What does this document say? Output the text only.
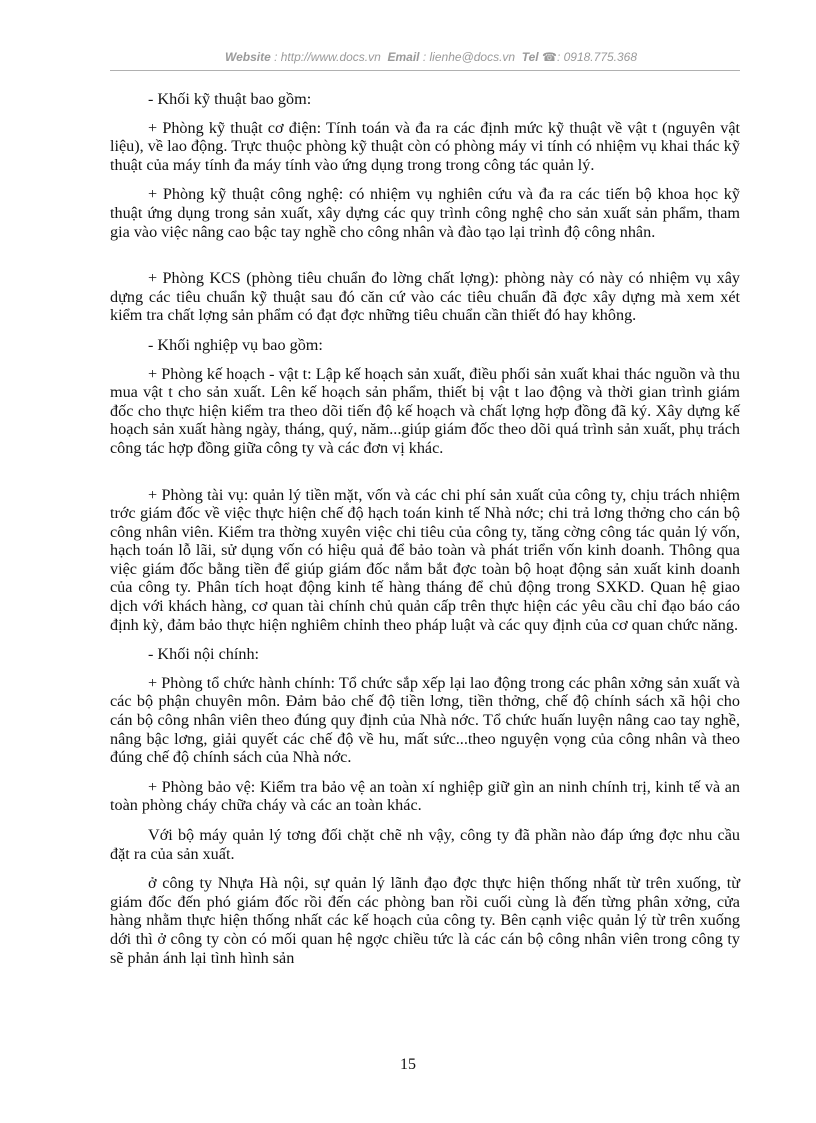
Website : http://www.docs.vn Email : lienhe@docs.vn Tel ☎: 0918.775.368

- Khối kỹ thuật bao gồm:

+ Phòng kỹ thuật cơ điện: Tính toán và đa ra các định mức kỹ thuật về vật t (nguyên vật liệu), về lao động. Trực thuộc phòng kỹ thuật còn có phòng máy vi tính có nhiệm vụ khai thác kỹ thuật của máy tính đa máy tính vào ứng dụng trong trong công tác quản lý.

+ Phòng kỹ thuật công nghệ: có nhiệm vụ nghiên cứu và đa ra các tiến bộ khoa học kỹ thuật ứng dụng trong sản xuất, xây dựng các quy trình công nghệ cho sản xuất sản phẩm, tham gia vào việc nâng cao bậc tay nghề cho công nhân và đào tạo lại trình độ công nhân.

+ Phòng KCS (phòng tiêu chuẩn đo lờng chất lợng): phòng này có này có nhiệm vụ xây dựng các tiêu chuẩn kỹ thuật sau đó căn cứ vào các tiêu chuẩn đã đợc xây dựng mà xem xét kiểm tra chất lợng sản phẩm có đạt đợc những tiêu chuẩn cần thiết đó hay không.

- Khối nghiệp vụ bao gồm:

+ Phòng kế hoạch - vật t: Lập kế hoạch sản xuất, điều phối sản xuất khai thác nguồn và thu mua vật t cho sản xuất. Lên kế hoạch sản phẩm, thiết bị vật t lao động và thời gian trình giám đốc cho thực hiện kiểm tra theo dõi tiến độ kế hoạch và chất lợng hợp đồng đã ký. Xây dựng kế hoạch sản xuất hàng ngày, tháng, quý, năm...giúp giám đốc theo dõi quá trình sản xuất, phụ trách công tác hợp đồng giữa công ty và các đơn vị khác.

+ Phòng tài vụ: quản lý tiền mặt, vốn và các chi phí sản xuất của công ty, chịu trách nhiệm trớc giám đốc về việc thực hiện chế độ hạch toán kinh tế Nhà nớc; chi trả lơng thởng cho cán bộ công nhân viên. Kiểm tra thờng xuyên việc chi tiêu của công ty, tăng cờng công tác quản lý vốn, hạch toán lỗ lãi, sử dụng vốn có hiệu quả để bảo toàn và phát triển vốn kinh doanh. Thông qua việc giám đốc bằng tiền để giúp giám đốc nắm bắt đợc toàn bộ hoạt động sản xuất kinh doanh của công ty. Phân tích hoạt động kinh tế hàng tháng để chủ động trong SXKD. Quan hệ giao dịch với khách hàng, cơ quan tài chính chủ quản cấp trên thực hiện các yêu cầu chỉ đạo báo cáo định kỳ, đảm bảo thực hiện nghiêm chỉnh theo pháp luật và các quy định của cơ quan chức năng.

- Khối nội chính:

+ Phòng tổ chức hành chính: Tổ chức sắp xếp lại lao động trong các phân xởng sản xuất và các bộ phận chuyên môn. Đảm bảo chế độ tiền lơng, tiền thởng, chế độ chính sách xã hội cho cán bộ công nhân viên theo đúng quy định của Nhà nớc. Tổ chức huấn luyện nâng cao tay nghề, nâng bậc lơng, giải quyết các chế độ về hu, mất sức...theo nguyện vọng của công nhân và theo đúng chế độ chính sách của Nhà nớc.

+ Phòng bảo vệ: Kiểm tra bảo vệ an toàn xí nghiệp giữ gìn an ninh chính trị, kinh tế và an toàn phòng cháy chữa cháy và các an toàn khác.

Với bộ máy quản lý tơng đối chặt chẽ nh vậy, công ty đã phần nào đáp ứng đợc nhu cầu đặt ra của sản xuất.

ở công ty Nhựa Hà nội, sự quản lý lãnh đạo đợc thực hiện thống nhất từ trên xuống, từ giám đốc đến phó giám đốc rồi đến các phòng ban rồi cuối cùng là đến từng phân xởng, cửa hàng nhằm thực hiện thống nhất các kế hoạch của công ty. Bên cạnh việc quản lý từ trên xuống dới thì ở công ty còn có mối quan hệ ngợc chiều tức là các cán bộ công nhân viên trong công ty sẽ phản ánh lại tình hình sản

15
